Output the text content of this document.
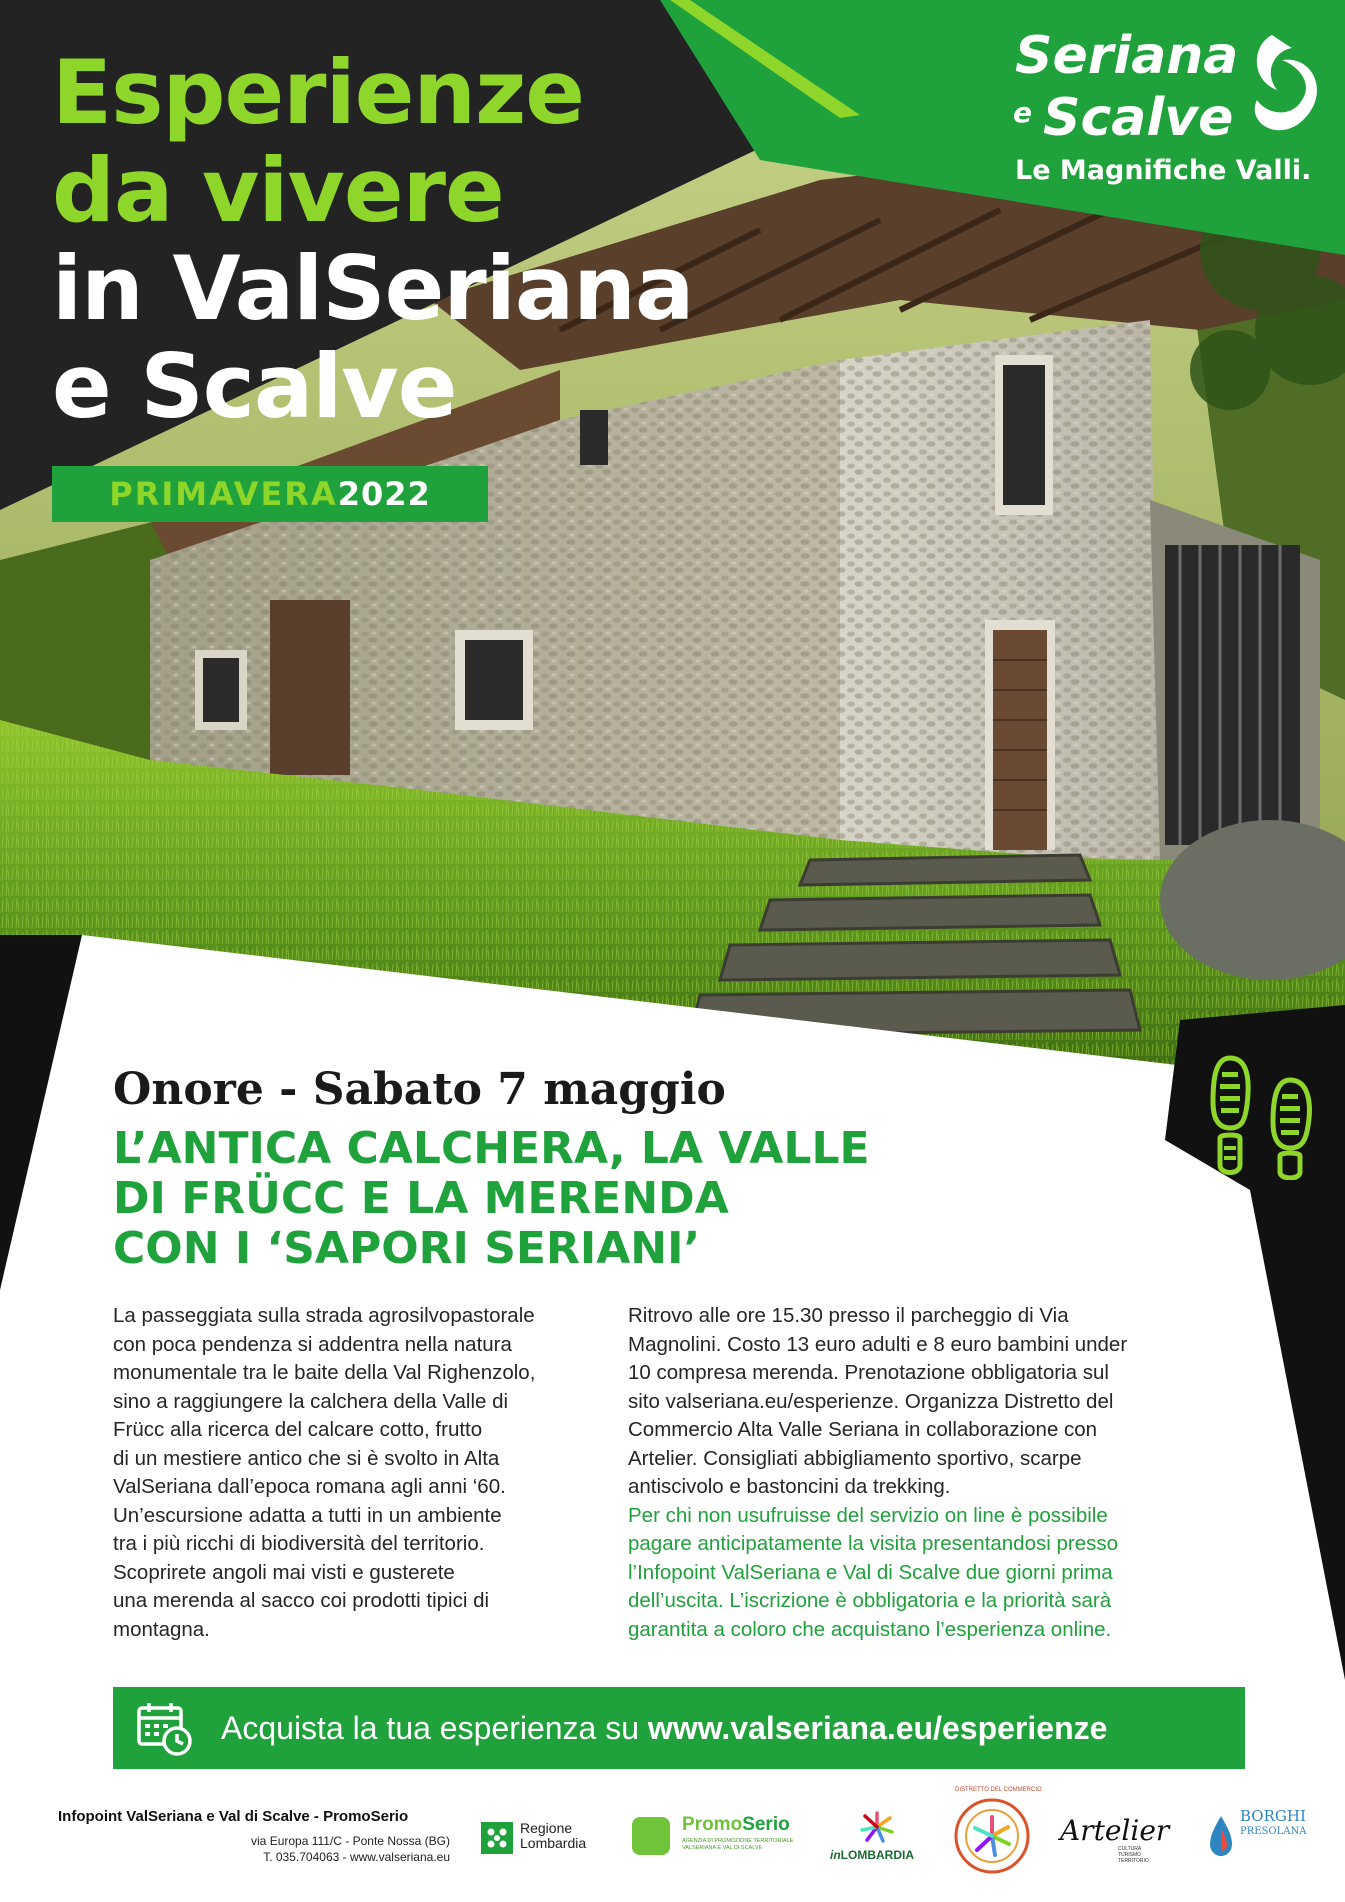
Esperienze
da vivere
in ValSeriana
e Scalve
PRIMAVERA2022
Seriana
e Scalve
Le Magnifiche Valli.
Onore - Sabato 7 maggio
L’ANTICA CALCHERA, LA VALLE
DI FRÜCC E LA MERENDA
CON I ‘SAPORI SERIANI’
La passeggiata sulla strada agrosilvopastorale
con poca pendenza si addentra nella natura
monumentale tra le baite della Val Righenzolo,
sino a raggiungere la calchera della Valle di
Frücc alla ricerca del calcare cotto, frutto
di un mestiere antico che si è svolto in Alta
ValSeriana dall’epoca romana agli anni ‘60.
Un’escursione adatta a tutti in un ambiente
tra i più ricchi di biodiversità del territorio.
Scoprirete angoli mai visti e gusterete
una merenda al sacco coi prodotti tipici di
montagna.
Ritrovo alle ore 15.30 presso il parcheggio di Via
Magnolini. Costo 13 euro adulti e 8 euro bambini under
10 compresa merenda. Prenotazione obbligatoria sul
sito valseriana.eu/esperienze. Organizza Distretto del
Commercio Alta Valle Seriana in collaborazione con
Artelier. Consigliati abbigliamento sportivo, scarpe
antiscivolo e bastoncini da trekking.
Per chi non usufruisse del servizio on line è possibile
pagare anticipatamente la visita presentandosi presso
l’Infopoint ValSeriana e Val di Scalve due giorni prima
dell’uscita. L’iscrizione è obbligatoria e la priorità sarà
garantita a coloro che acquistano l’esperienza online.
Acquista la tua esperienza su www.valseriana.eu/esperienze
Infopoint ValSeriana e Val di Scalve - PromoSerio
via Europa 111/C - Ponte Nossa (BG)
T. 035.704063 - www.valseriana.eu
Regione
Lombardia
PromoSerio
AGENZIA DI PROMOZIONE TERRITORIALE
VALSERIANA E VAL DI SCALVE	inLOMBARDIA
DISTRETTO DEL COMMERCIO
Artelier
CULTURA
TURISMO
TERRITORIO
BORGHI
PRESOLANA
